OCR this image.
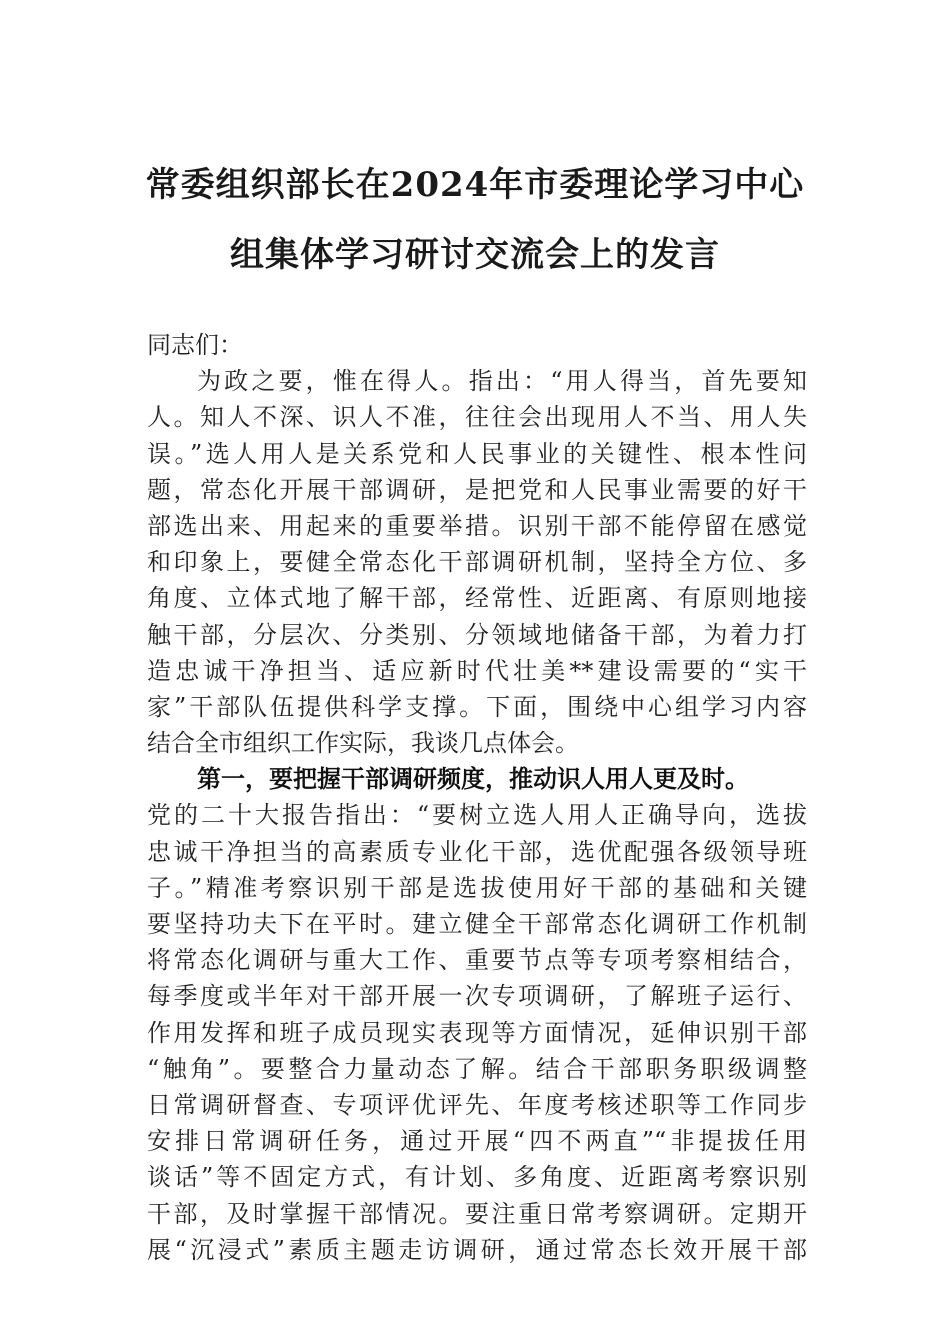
常委组织部长在2024年市委理论学习中心
组集体学习研讨交流会上的发言
同志们：
为政之要，惟在得人。指出：“用人得当，首先要知
人。知人不深、识人不准，往往会出现用人不当、用人失
误。”选人用人是关系党和人民事业的关键性、根本性问
题，常态化开展干部调研，是把党和人民事业需要的好干
部选出来、用起来的重要举措。识别干部不能停留在感觉
和印象上，要健全常态化干部调研机制，坚持全方位、多
角度、立体式地了解干部，经常性、近距离、有原则地接
触干部，分层次、分类别、分领域地储备干部，为着力打
造忠诚干净担当、适应新时代壮美**建设需要的“实干
家”干部队伍提供科学支撑。下面，围绕中心组学习内容
结合全市组织工作实际，我谈几点体会。
第一，要把握干部调研频度，推动识人用人更及时。
党的二十大报告指出：“要树立选人用人正确导向，选拔
忠诚干净担当的高素质专业化干部，选优配强各级领导班
子。”精准考察识别干部是选拔使用好干部的基础和关键
要坚持功夫下在平时。建立健全干部常态化调研工作机制
将常态化调研与重大工作、重要节点等专项考察相结合，
每季度或半年对干部开展一次专项调研，了解班子运行、
作用发挥和班子成员现实表现等方面情况，延伸识别干部
“触角”。要整合力量动态了解。结合干部职务职级调整
日常调研督查、专项评优评先、年度考核述职等工作同步
安排日常调研任务，通过开展“四不两直”“非提拔任用
谈话”等不固定方式，有计划、多角度、近距离考察识别
干部，及时掌握干部情况。要注重日常考察调研。定期开
展“沉浸式”素质主题走访调研，通过常态长效开展干部
